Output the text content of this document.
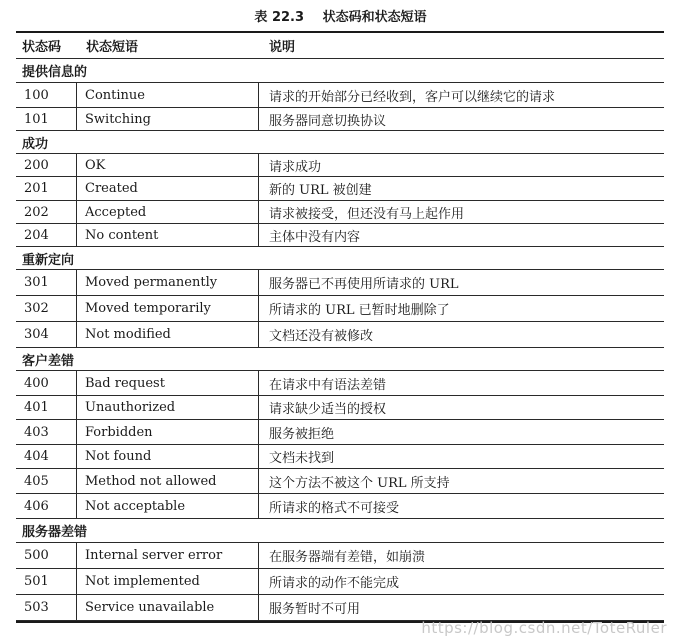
表 22.3 状态码和状态短语
状态码	状态短语	说明
提供信息的
100	Continue	请求的开始部分已经收到，客户可以继续它的请求
101	Switching	服务器同意切换协议
成功
200	OK	请求成功
201	Created	新的 URL 被创建
202	Accepted	请求被接受，但还没有马上起作用
204	No content	主体中没有内容
重新定向
301	Moved permanently	服务器已不再使用所请求的 URL
302	Moved temporarily	所请求的 URL 已暂时地删除了
304	Not modified	文档还没有被修改
客户差错
400	Bad request	在请求中有语法差错
401	Unauthorized	请求缺少适当的授权
403	Forbidden	服务被拒绝
404	Not found	文档未找到
405	Method not allowed	这个方法不被这个 URL 所支持
406	Not acceptable	所请求的格式不可接受
服务器差错
500	Internal server error	在服务器端有差错，如崩溃
501	Not implemented	所请求的动作不能完成
503	Service unavailable	服务暂时不可用
https://blog.csdn.net/ToteRuler
